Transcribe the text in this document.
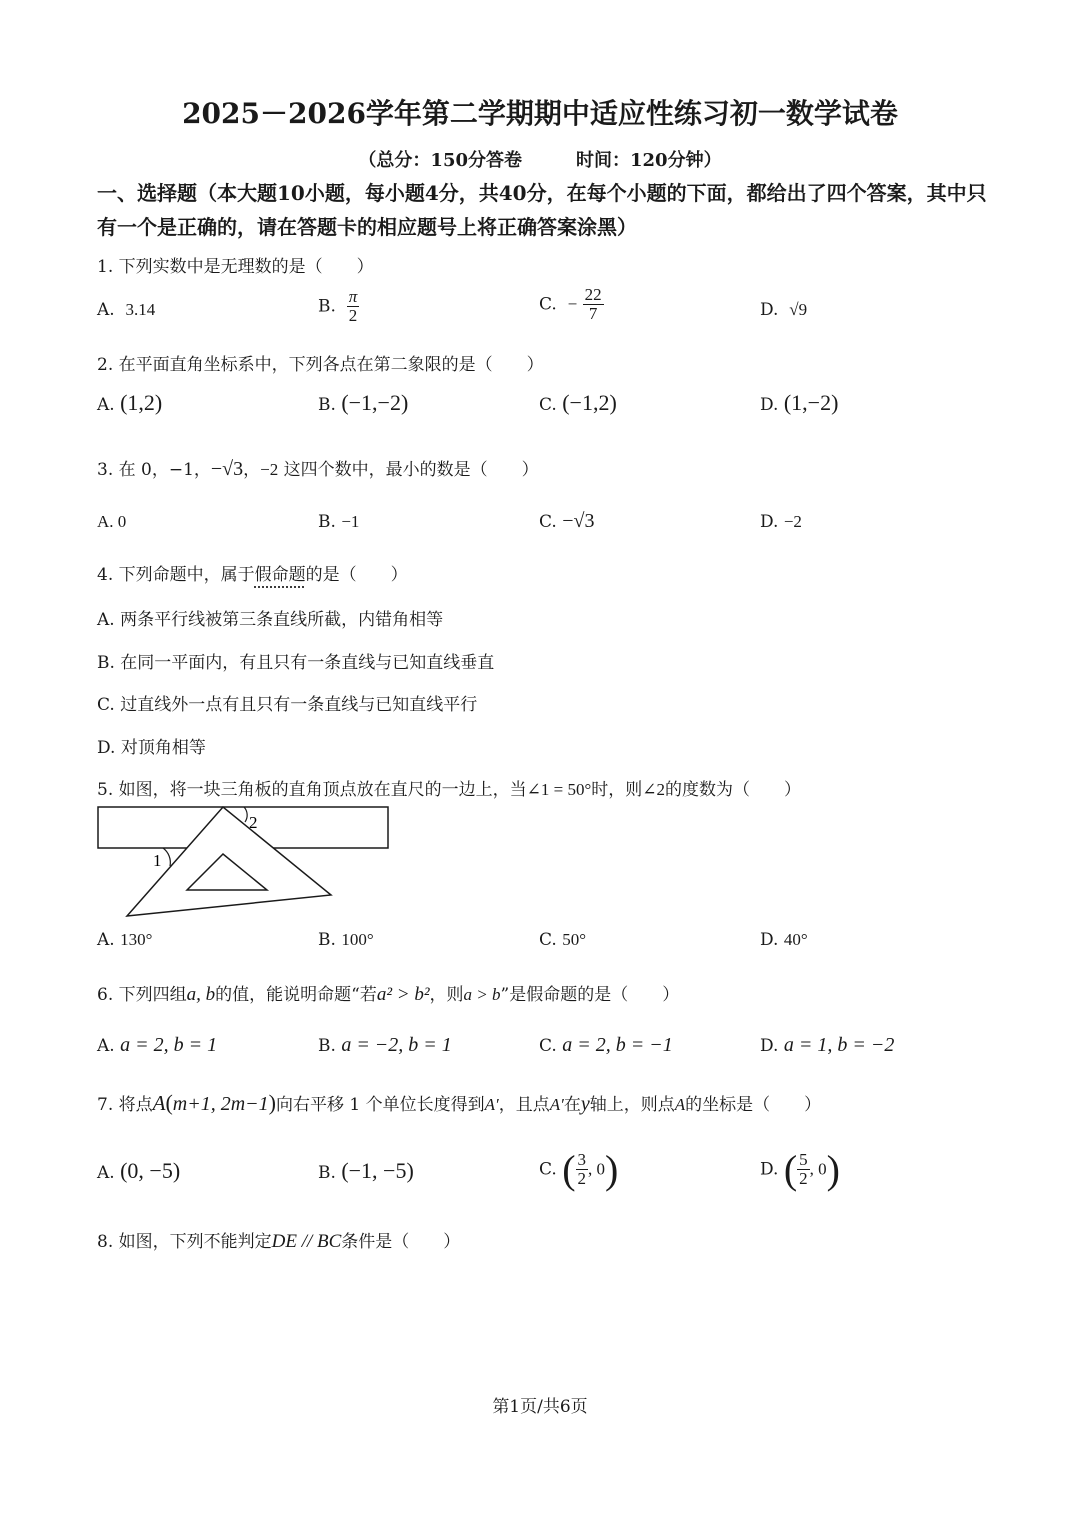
2025－2026学年第二学期期中适应性练习初一数学试卷
（总分：150分答卷　　　时间：120分钟）
一、选择题（本大题10小题，每小题4分，共40分，在每个小题的下面，都给出了四个答案，其中只有一个是正确的，请在答题卡的相应题号上将正确答案涂黑）
1. 下列实数中是无理数的是（　　）
A. 3.14	B. $\frac{\pi}{2}$	C. − $\frac{22}{7}$	D. √9
2. 在平面直角坐标系中，下列各点在第二象限的是（　　）
A. (1,2)	B. (−1,−2)	C. (−1,2)	D. (1,−2)
3. 在 0，−1，−√3，−2 这四个数中，最小的数是（　　）
A. 0	B. −1	C. −√3	D. −2
4. 下列命题中，属于假命题的是（　　）
A. 两条平行线被第三条直线所截，内错角相等
B. 在同一平面内，有且只有一条直线与已知直线垂直
C. 过直线外一点有且只有一条直线与已知直线平行
D. 对顶角相等
5. 如图，将一块三角板的直角顶点放在直尺的一边上，当∠1 = 50°时，则∠2的度数为（　　）
1
2
A. 130°	B. 100°	C. 50°	D. 40°
6. 下列四组a, b的值，能说明命题“若a² > b²，则a > b”是假命题的是（　　）
A. a = 2, b = 1	B. a = −2, b = 1	C. a = 2, b = −1	D. a = 1, b = −2
7. 将点A(m+1, 2m−1)向右平移 1 个单位长度得到A′，且点A′在y轴上，则点A的坐标是（　　）
A. (0, −5)	B. (−1, −5)	C. ( $\frac{3}{2}$ , 0)	D. ( $\frac{5}{2}$ , 0)
8. 如图，下列不能判定DE // BC条件是（　　）
第1页/共6页
